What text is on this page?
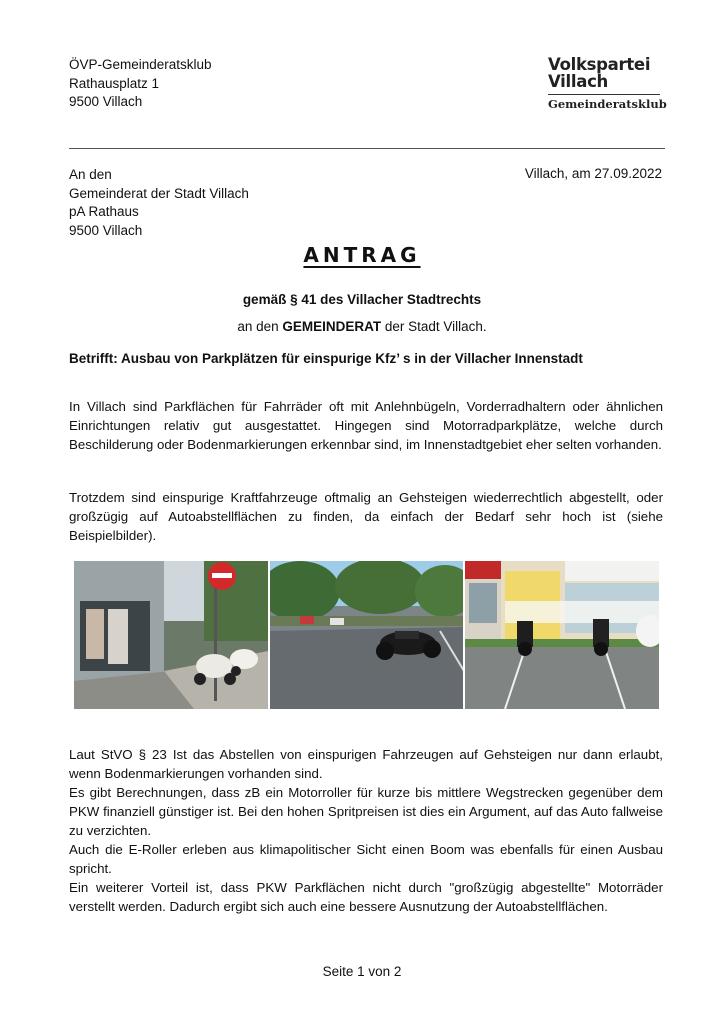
ÖVP-Gemeinderatsklub
Rathausplatz 1
9500 Villach
Volkspartei
Villach
Gemeinderatsklub
An den
Gemeinderat der Stadt Villach
pA Rathaus
9500 Villach
Villach, am 27.09.2022
ANTRAG
gemäß § 41 des Villacher Stadtrechts
an den GEMEINDERAT der Stadt Villach.
Betrifft: Ausbau von Parkplätzen für einspurige Kfz’ s in der Villacher Innenstadt
In Villach sind Parkflächen für Fahrräder oft mit Anlehnbügeln, Vorderradhaltern oder ähnlichen Einrichtungen relativ gut ausgestattet. Hingegen sind Motorradparkplätze, welche durch Beschilderung oder Bodenmarkierungen erkennbar sind, im Innenstadtgebiet eher selten vorhanden.
Trotzdem sind einspurige Kraftfahrzeuge oftmalig an Gehsteigen wiederrechtlich abgestellt, oder großzügig auf Autoabstellflächen zu finden, da einfach der Bedarf sehr hoch ist (siehe Beispielbilder).
Laut StVO § 23 Ist das Abstellen von einspurigen Fahrzeugen auf Gehsteigen nur dann erlaubt, wenn Bodenmarkierungen vorhanden sind.
Es gibt Berechnungen, dass zB ein Motorroller für kurze bis mittlere Wegstrecken gegenüber dem PKW finanziell günstiger ist. Bei den hohen Spritpreisen ist dies ein Argument, auf das Auto fallweise zu verzichten.
Auch die E-Roller erleben aus klimapolitischer Sicht einen Boom was ebenfalls für einen Ausbau spricht.
Ein weiterer Vorteil ist, dass PKW Parkflächen nicht durch "großzügig abgestellte" Motorräder verstellt werden. Dadurch ergibt sich auch eine bessere Ausnutzung der Autoabstellflächen.
Seite 1 von 2
